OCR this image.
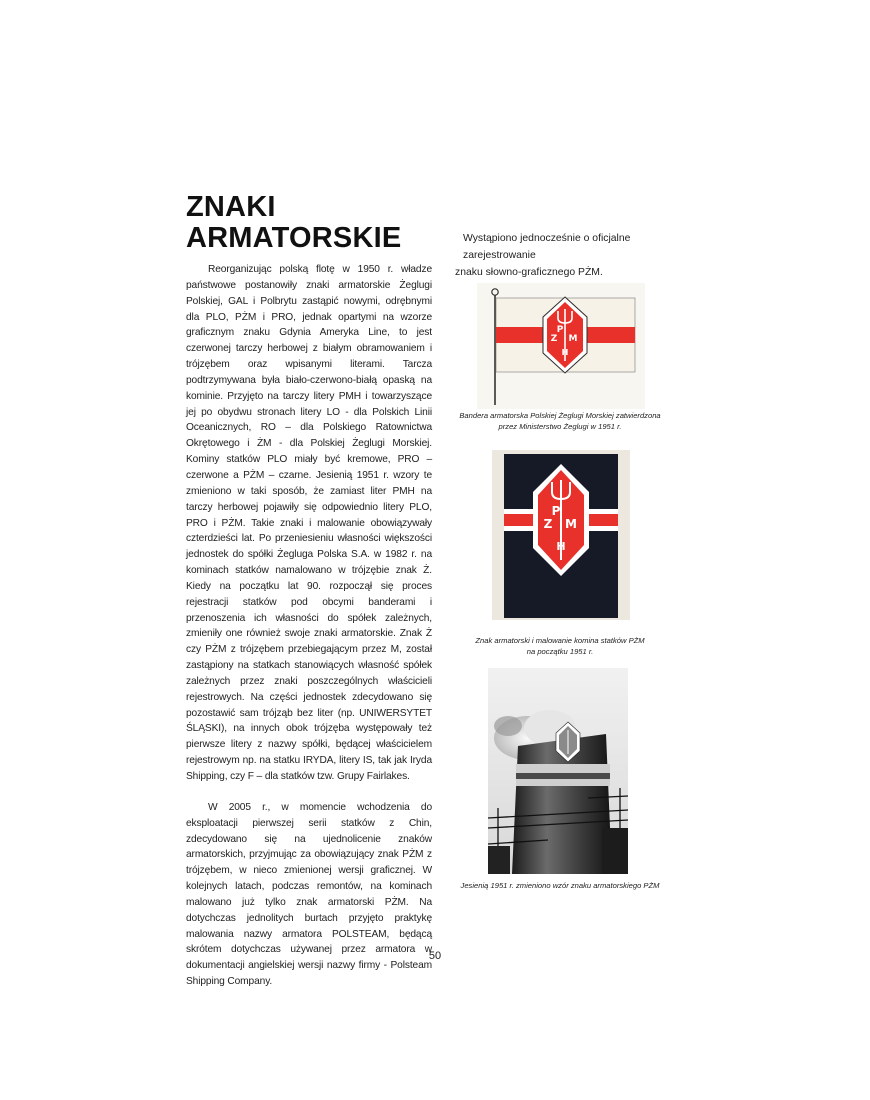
ZNAKI
ARMATORSKIE

Reorganizując polską flotę w 1950 r. władze państwowe postanowiły znaki armatorskie Żeglugi Polskiej, GAL i Polbrytu zastąpić nowymi, odrębnymi dla PLO, PŻM i PRO, jednak opartymi na wzorze graficznym znaku Gdynia Ameryka Line, to jest czerwonej tarczy herbowej z białym obramowaniem i trójzębem oraz wpisanymi literami. Tarcza podtrzymywana była biało-czerwono-białą opaską na kominie. Przyjęto na tarczy litery PMH i towarzyszące jej po obydwu stronach litery LO - dla Polskich Linii Oceanicznych, RO – dla Polskiego Ratownictwa Okrętowego i ŻM - dla Polskiej Żeglugi Morskiej. Kominy statków PLO miały być kremowe, PRO – czerwone a PŻM – czarne. Jesienią 1951 r. wzory te zmieniono w taki sposób, że zamiast liter PMH na tarczy herbowej pojawiły się odpowiednio litery PLO, PRO i PŻM. Takie znaki i malowanie obowiązywały czterdzieści lat. Po przeniesieniu własności większości jednostek do spółki Żegluga Polska S.A. w 1982 r. na kominach statków namalowano w trójzębie znak Ż. Kiedy na początku lat 90. rozpoczął się proces rejestracji statków pod obcymi banderami i przenoszenia ich własności do spółek zależnych, zmieniły one również swoje znaki armatorskie. Znak Ż czy PŻM z trójzębem przebiegającym przez M, został zastąpiony na statkach stanowiących własność spółek zależnych przez znaki poszczególnych właścicieli rejestrowych. Na części jednostek zdecydowano się pozostawić sam trójząb bez liter (np. UNIWERSYTET ŚLĄSKI), na innych obok trójzęba występowały też pierwsze litery z nazwy spółki, będącej właścicielem rejestrowym np. na statku IRYDA, litery IS, tak jak Iryda Shipping, czy F – dla statków tzw. Grupy Fairlakes.

W 2005 r., w momencie wchodzenia do eksploatacji pierwszej serii statków z Chin, zdecydowano się na ujednolicenie znaków armatorskich, przyjmując za obowiązujący znak PŻM z trójzębem, w nieco zmienionej wersji graficznej. W kolejnych latach, podczas remontów, na kominach malowano już tylko znak armatorski PŻM. Na dotychczas jednolitych burtach przyjęto praktykę malowania nazwy armatora POLSTEAM, będącą skrótem dotychczas używanej przez armatora w dokumentacji angielskiej wersji nazwy firmy - Polsteam Shipping Company.

Wystąpiono jednocześnie o oficjalne zarejestrowanie
znaku słowno-graficznego PŻM.
Z
P
M
H
Bandera armatorska Polskiej Żeglugi Morskiej zatwierdzona
przez Ministerstwo Żeglugi w 1951 r.
Z
P
M
H
Znak armatorski i malowanie komina statków PŻM
na początku 1951 r.
Jesienią 1951 r. zmieniono wzór znaku armatorskiego PŻM
50
